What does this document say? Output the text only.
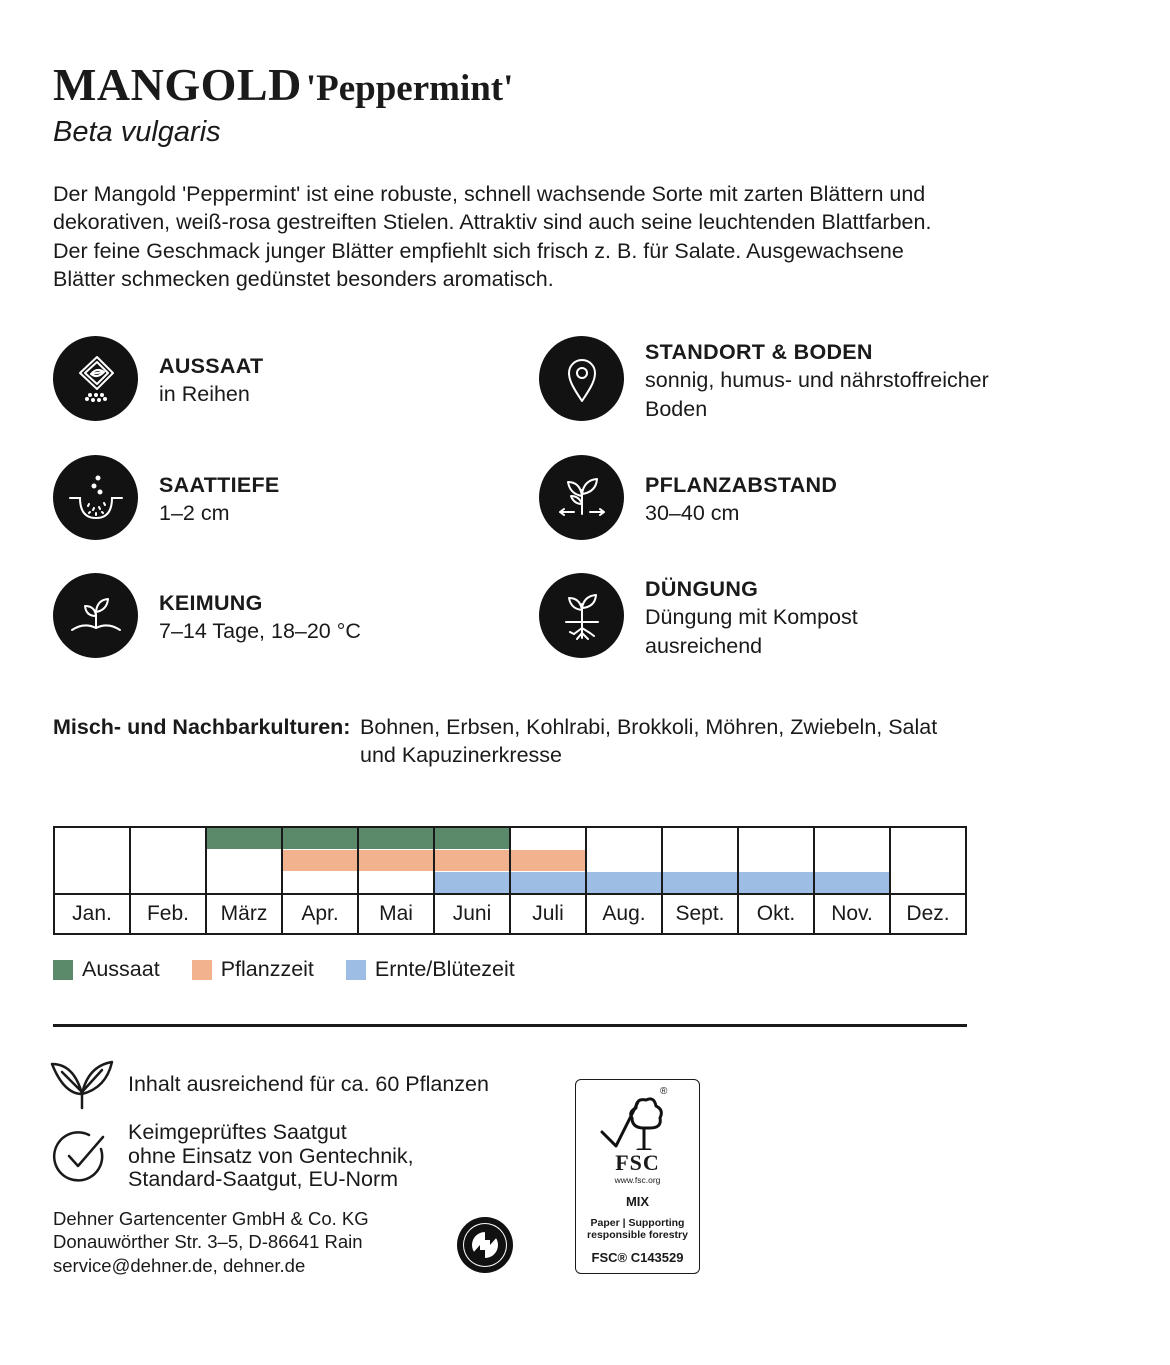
MANGOLD 'Peppermint'
Beta vulgaris

Der Mangold 'Peppermint' ist eine robuste, schnell wachsende Sorte mit zarten Blättern und

dekorativen, weiß-rosa gestreiften Stielen. Attraktiv sind auch seine leuchtenden Blattfarben.

Der feine Geschmack junger Blätter empfiehlt sich frisch z. B. für Salate. Ausgewachsene

Blätter schmecken gedünstet besonders aromatisch.

AUSSAAT
in Reihen
STANDORT & BODEN
sonnig, humus- und nährstoffreicher
Boden
SAATTIEFE
1–2 cm
PFLANZABSTAND
30–40 cm
KEIMUNG
7–14 Tage, 18–20 °C
DÜNGUNG
Düngung mit Kompost
ausreichend
Misch- und Nachbarkulturen: Bohnen, Erbsen, Kohlrabi, Brokkoli, Möhren, Zwiebeln, Salat
und Kapuzinerkresse
Jan.	Feb.	März	Apr.	Mai	Juni	Juli	Aug.	Sept.	Okt.	Nov.	Dez.
Aussaat	Pflanzzeit	Ernte/Blütezeit
Inhalt ausreichend für ca. 60 Pflanzen
Keimgeprüftes Saatgut
ohne Einsatz von Gentechnik,
Standard-Saatgut, EU-Norm
Dehner Gartencenter GmbH & Co. KG
Donauwörther Str. 3–5, D-86641 Rain
service@dehner.de, dehner.de
®
FSC
www.fsc.org
MIX
Paper | Supporting
responsible forestry
FSC® C143529
